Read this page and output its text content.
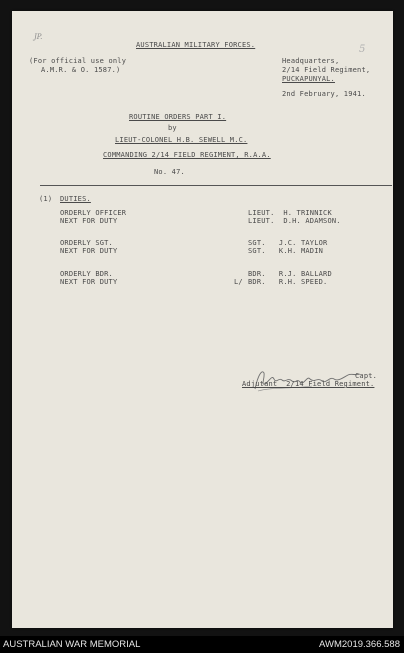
JP.
5
AUSTRALIAN MILITARY FORCES.
(For official use only
A.M.R. & O. 1587.)
Headquarters,
2/14 Field Regiment,
PUCKAPUNYAL.
2nd February, 1941.
ROUTINE ORDERS PART I.
by
LIEUT-COLONEL H.B. SEWELL M.C.
COMMANDING 2/14 FIELD REGIMENT, R.A.A.
No. 47.
(1) DUTIES.
ORDERLY OFFICER
NEXT FOR DUTY
LIEUT.  H. TRINNICK
LIEUT.  D.H. ADAMSON.
ORDERLY SGT.
NEXT FOR DUTY
SGT.   J.C. TAYLOR
SGT.   K.H. MADIN
ORDERLY BDR.
NEXT FOR DUTY
BDR.   R.J. BALLARD
L/ BDR.   R.H. SPEED.
Capt.
Adjutant  2/14 Field Regiment.
AUSTRALIAN WAR MEMORIAL	AWM2019.366.588
